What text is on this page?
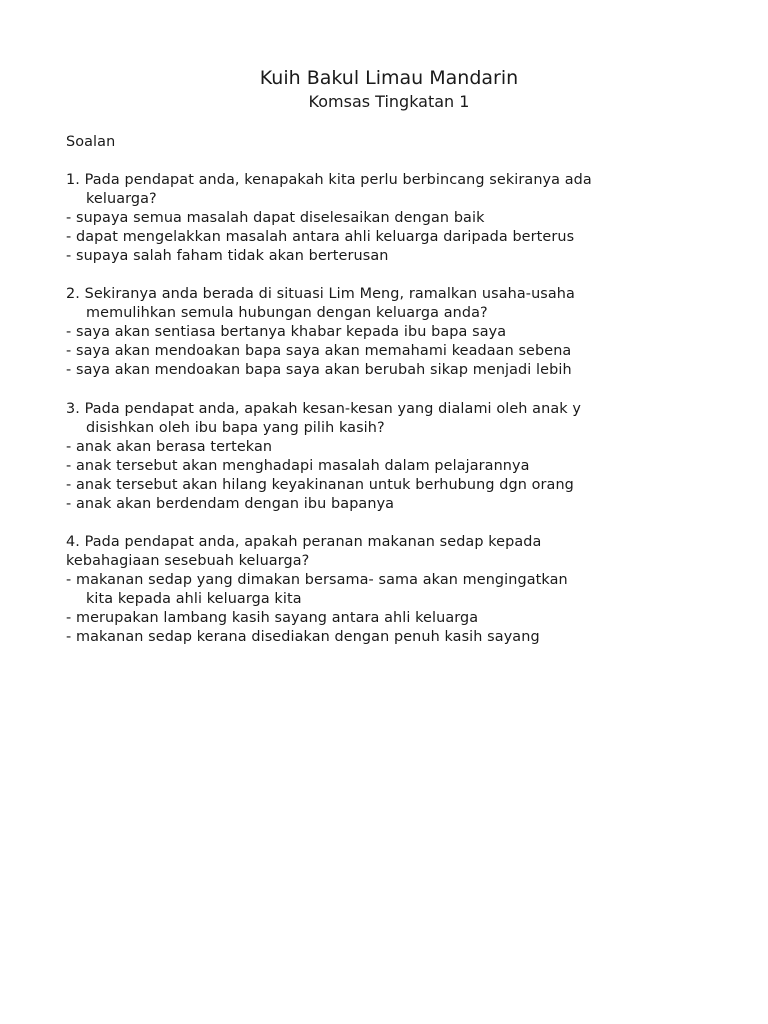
Kuih Bakul Limau Mandarin
Komsas Tingkatan 1
Soalan
1. Pada pendapat anda, kenapakah kita perlu berbincang sekiranya ada
keluarga?
- supaya semua masalah dapat diselesaikan dengan baik
- dapat mengelakkan masalah antara ahli keluarga daripada berterus
- supaya salah faham tidak akan berterusan
2. Sekiranya anda berada di situasi Lim Meng, ramalkan usaha-usaha
memulihkan semula hubungan dengan keluarga anda?
- saya akan sentiasa bertanya khabar kepada ibu bapa saya
- saya akan mendoakan bapa saya akan memahami keadaan sebena
- saya akan mendoakan bapa saya akan berubah sikap menjadi lebih
3. Pada pendapat anda, apakah kesan-kesan yang dialami oleh anak y
disishkan oleh ibu bapa yang pilih kasih?
- anak akan berasa tertekan
- anak tersebut akan menghadapi masalah dalam pelajarannya
- anak tersebut akan hilang keyakinanan untuk berhubung dgn orang
- anak akan berdendam dengan ibu bapanya
4. Pada pendapat anda, apakah peranan makanan sedap kepada
kebahagiaan sesebuah keluarga?
- makanan sedap yang dimakan bersama- sama akan mengingatkan
kita kepada ahli keluarga kita
- merupakan lambang kasih sayang antara ahli keluarga
- makanan sedap kerana disediakan dengan penuh kasih sayang
